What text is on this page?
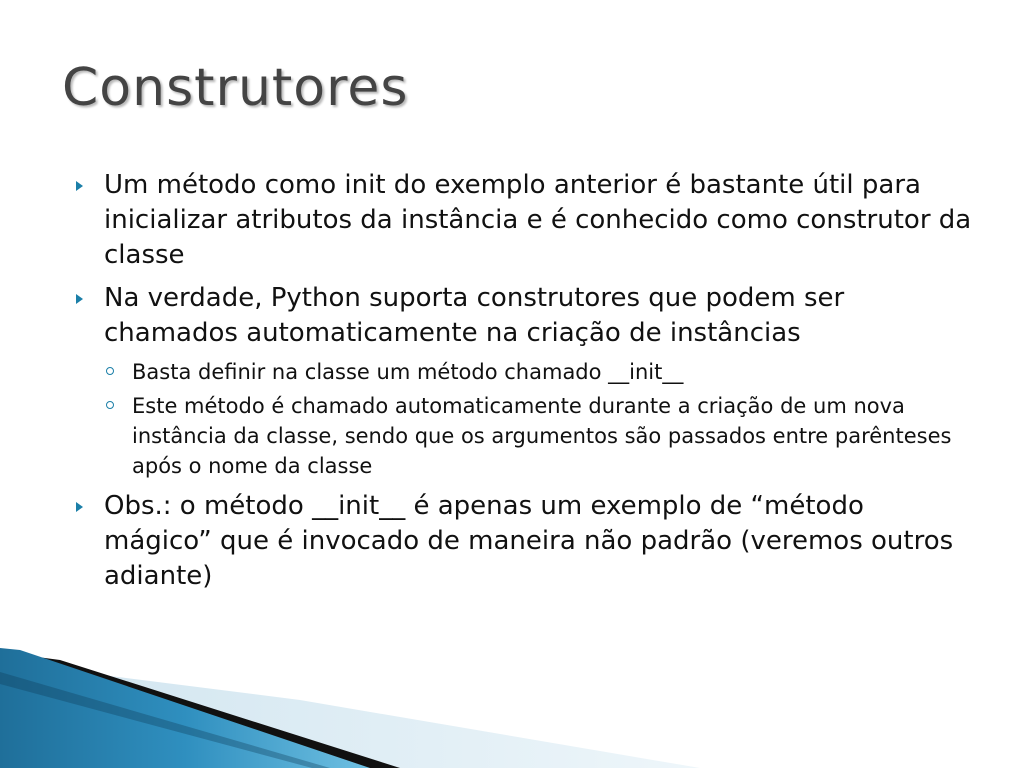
Construtores
Um método como init do exemplo anterior é bastante útil para inicializar atributos da instância e é conhecido como construtor da classe
Na verdade, Python suporta construtores que podem ser chamados automaticamente na criação de instâncias
Basta definir na classe um método chamado __init__
Este método é chamado automaticamente durante a criação de um nova instância da classe, sendo que os argumentos são passados entre parênteses após o nome da classe
Obs.: o método __init__ é apenas um exemplo de “método mágico” que é invocado de maneira não padrão (veremos outros adiante)
